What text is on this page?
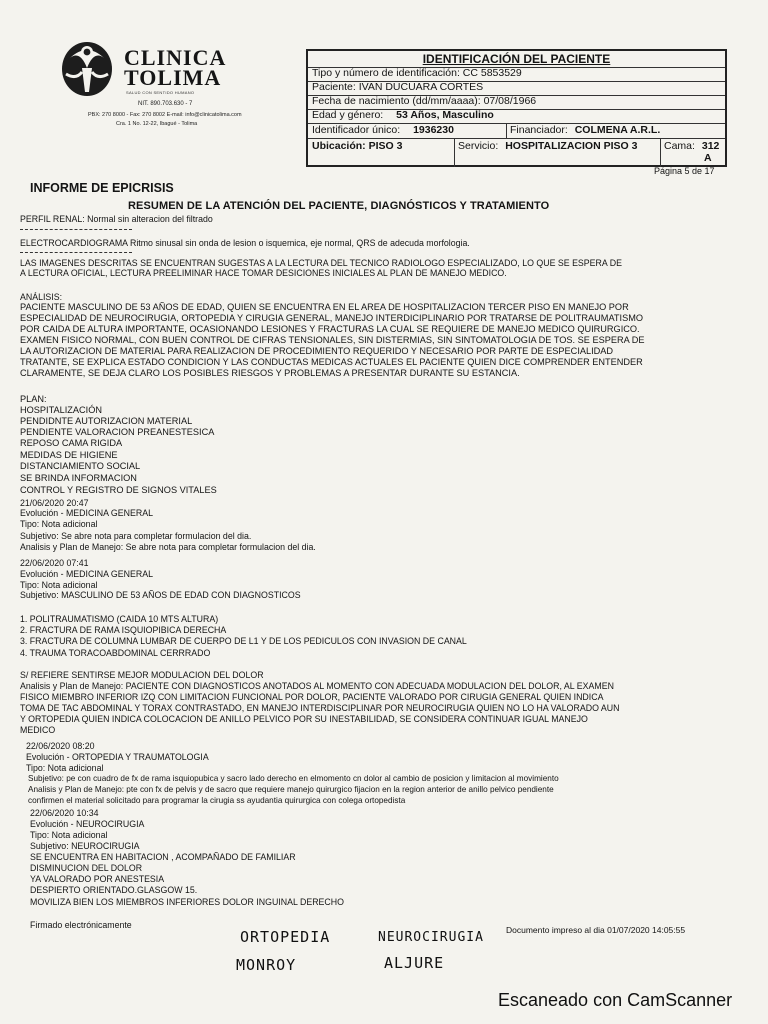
CLINICA
TOLIMA
SALUD CON SENTIDO HUMANO
NIT. 890.703.630 - 7
PBX: 270 8000 - Fax: 270 8002 E-mail: info@clinicatolima.com
Cra. 1 No. 12-22, Ibagué - Tolima
IDENTIFICACIÓN DEL PACIENTE
Tipo y número de identificación: CC 5853529
Paciente: IVAN DUCUARA CORTES
Fecha de nacimiento (dd/mm/aaaa): 07/08/1966
Edad y género: 53 Años, Masculino
Identificador único: 1936230	Financiador: COLMENA A.R.L.
Ubicación: PISO 3	Servicio: HOSPITALIZACION PISO 3	Cama: 312
A
Página 5 de 17
INFORME DE EPICRISIS
RESUMEN DE LA ATENCIÓN DEL PACIENTE, DIAGNÓSTICOS Y TRATAMIENTO
PERFIL RENAL: Normal sin alteracion del filtrado
ELECTROCARDIOGRAMA Ritmo sinusal sin onda de lesion o isquemica, eje normal, QRS de adecuda morfologia.
LAS IMAGENES DESCRITAS SE ENCUENTRAN SUGESTAS A LA LECTURA DEL TECNICO RADIOLOGO ESPECIALIZADO, LO QUE SE ESPERA DE
A LECTURA OFICIAL, LECTURA PREELIMINAR HACE TOMAR DESICIONES INICIALES AL PLAN DE MANEJO MEDICO.
ANÁLISIS:
PACIENTE MASCULINO DE 53 AÑOS DE EDAD, QUIEN SE ENCUENTRA EN EL AREA DE HOSPITALIZACION TERCER PISO EN MANEJO POR
ESPECIALIDAD DE NEUROCIRUGIA, ORTOPEDIA Y CIRUGIA GENERAL, MANEJO INTERDICIPLINARIO POR TRATARSE DE POLITRAUMATISMO
POR CAIDA DE ALTURA IMPORTANTE, OCASIONANDO LESIONES Y FRACTURAS LA CUAL SE REQUIERE DE MANEJO MEDICO QUIRURGICO.
EXAMEN FISICO NORMAL, CON BUEN CONTROL DE CIFRAS TENSIONALES, SIN DISTERMIAS, SIN SINTOMATOLOGIA DE TOS. SE ESPERA DE
LA AUTORIZACION DE MATERIAL PARA REALIZACION DE PROCEDIMIENTO REQUERIDO Y NECESARIO POR PARTE DE ESPECIALIDAD
TRATANTE, SE EXPLICA ESTADO CONDICION Y LAS CONDUCTAS MEDICAS ACTUALES EL PACIENTE QUIEN DICE COMPRENDER ENTENDER
CLARAMENTE, SE DEJA CLARO LOS POSIBLES RIESGOS Y PROBLEMAS A PRESENTAR DURANTE SU ESTANCIA.
PLAN:
HOSPITALIZACIÓN
PENDIDNTE AUTORIZACION MATERIAL
PENDIENTE VALORACION PREANESTESICA
REPOSO CAMA RIGIDA
MEDIDAS DE HIGIENE
DISTANCIAMIENTO SOCIAL
SE BRINDA INFORMACION
CONTROL Y REGISTRO DE SIGNOS VITALES
21/06/2020 20:47
Evolución - MEDICINA GENERAL
Tipo: Nota adicional
Subjetivo: Se abre nota para completar formulacion del dia.
Analisis y Plan de Manejo: Se abre nota para completar formulacion del dia.
22/06/2020 07:41
Evolución - MEDICINA GENERAL
Tipo: Nota adicional
Subjetivo: MASCULINO DE 53 AÑOS DE EDAD CON DIAGNOSTICOS
1. POLITRAUMATISMO (CAIDA 10 MTS ALTURA)
2. FRACTURA DE RAMA ISQUIOPIBICA DERECHA
3. FRACTURA DE COLUMNA LUMBAR DE CUERPO DE L1 Y DE LOS PEDICULOS CON INVASION DE CANAL
4. TRAUMA TORACOABDOMINAL CERRRADO
S/ REFIERE SENTIRSE MEJOR MODULACION DEL DOLOR
Analisis y Plan de Manejo: PACIENTE CON DIAGNOSTICOS ANOTADOS AL MOMENTO CON ADECUADA MODULACION DEL DOLOR, AL EXAMEN
FISICO MIEMBRO INFERIOR IZQ CON LIMITACION FUNCIONAL POR DOLOR, PACIENTE VALORADO POR CIRUGIA GENERAL QUIEN INDICA
TOMA DE TAC ABDOMINAL Y TORAX CONTRASTADO, EN MANEJO INTERDISCIPLINAR POR NEUROCIRUGIA QUIEN NO LO HA VALORADO AUN
Y ORTOPEDIA QUIEN INDICA COLOCACION DE ANILLO PELVICO POR SU INESTABILIDAD, SE CONSIDERA CONTINUAR IGUAL MANEJO
MEDICO
22/06/2020 08:20
Evolución - ORTOPEDIA Y TRAUMATOLOGIA
Tipo: Nota adicional
Subjetivo: pe con cuadro de fx de rama isquiopubica y sacro lado derecho en elmomento cn dolor al cambio de posicion y limitacion al movimiento
Analisis y Plan de Manejo: pte con fx de pelvis y de sacro que requiere manejo quirurgico fijacion en la region anterior de anillo pelvico pendiente
confirmen el material solicitado para programar la cirugia ss ayudantia quirurgica con colega ortopedista
22/06/2020 10:34
Evolución - NEUROCIRUGIA
Tipo: Nota adicional
Subjetivo: NEUROCIRUGIA
SE ENCUENTRA EN HABITACION , ACOMPAÑADO DE FAMILIAR
DISMINUCION DEL DOLOR
YA VALORADO POR ANESTESIA
DESPIERTO ORIENTADO.GLASGOW 15.
MOVILIZA BIEN LOS MIEMBROS INFERIORES DOLOR INGUINAL DERECHO
Firmado electrónicamente	Documento impreso al dia 01/07/2020 14:05:55
ORTOPEDIA	NEUROCIRUGIA
MONROY	ALJURE
Escaneado con CamScanner
